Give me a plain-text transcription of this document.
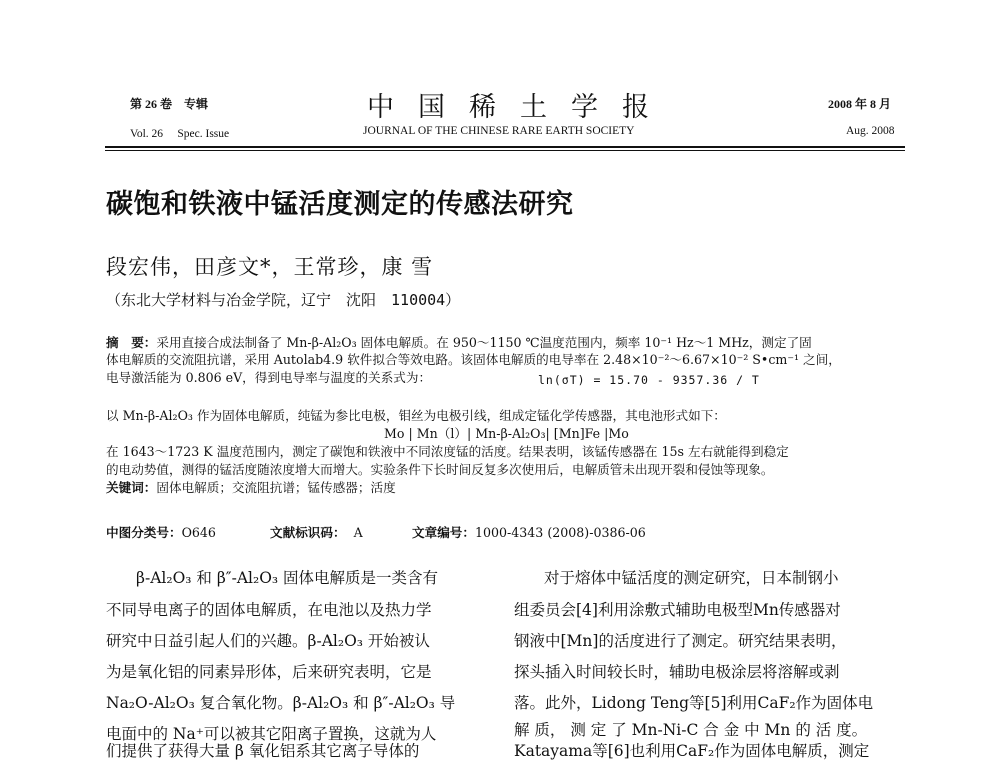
第 26 卷　专辑	中国稀土学报	2008 年 8 月
Vol. 26　 Spec. Issue	JOURNAL OF THE CHINESE RARE EARTH SOCIETY	Aug. 2008
碳饱和铁液中锰活度测定的传感法研究
段宏伟，田彦文*，王常珍，康 雪
（东北大学材料与冶金学院，辽宁　沈阳　110004）
摘　要：采用直接合成法制备了 Mn-β-Al₂O₃ 固体电解质。在 950～1150 ℃温度范围内，频率 10⁻¹ Hz～1 MHz，测定了固
体电解质的交流阻抗谱，采用 Autolab4.9 软件拟合等效电路。该固体电解质的电导率在 2.48×10⁻²～6.67×10⁻² S•cm⁻¹ 之间，
电导激活能为 0.806 eV，得到电导率与温度的关系式为：	ln(σT) = 15.70 - 9357.36 / T
以 Mn-β-Al₂O₃ 作为固体电解质，纯锰为参比电极，钼丝为电极引线，组成定锰化学传感器，其电池形式如下：
Mo | Mn（l）| Mn-β-Al₂O₃| [Mn]Fe |Mo
在 1643～1723 K 温度范围内，测定了碳饱和铁液中不同浓度锰的活度。结果表明，该锰传感器在 15s 左右就能得到稳定
的电动势值，测得的锰活度随浓度增大而增大。实验条件下长时间反复多次使用后，电解质管未出现开裂和侵蚀等现象。
关键词：固体电解质；交流阻抗谱；锰传感器；活度
中图分类号：O646	文献标识码： A	文章编号：1000-4343 (2008)-0386-06
β-Al₂O₃ 和 β″-Al₂O₃ 固体电解质是一类含有
不同导电离子的固体电解质，在电池以及热力学
研究中日益引起人们的兴趣。β-Al₂O₃ 开始被认
为是氧化铝的同素异形体，后来研究表明，它是
Na₂O-Al₂O₃ 复合氧化物。β-Al₂O₃ 和 β″-Al₂O₃ 导
电面中的 Na⁺可以被其它阳离子置换，这就为人
们提供了获得大量 β 氧化铝系其它离子导体的
对于熔体中锰活度的测定研究，日本制钢小
组委员会[4]利用涂敷式辅助电极型Mn传感器对
钢液中[Mn]的活度进行了测定。研究结果表明，
探头插入时间较长时，辅助电极涂层将溶解或剥
落。此外，Lidong Teng等[5]利用CaF₂作为固体电
解 质， 测 定 了 Mn-Ni-C 合 金 中 Mn 的 活 度。
Katayama等[6]也利用CaF₂作为固体电解质，测定
